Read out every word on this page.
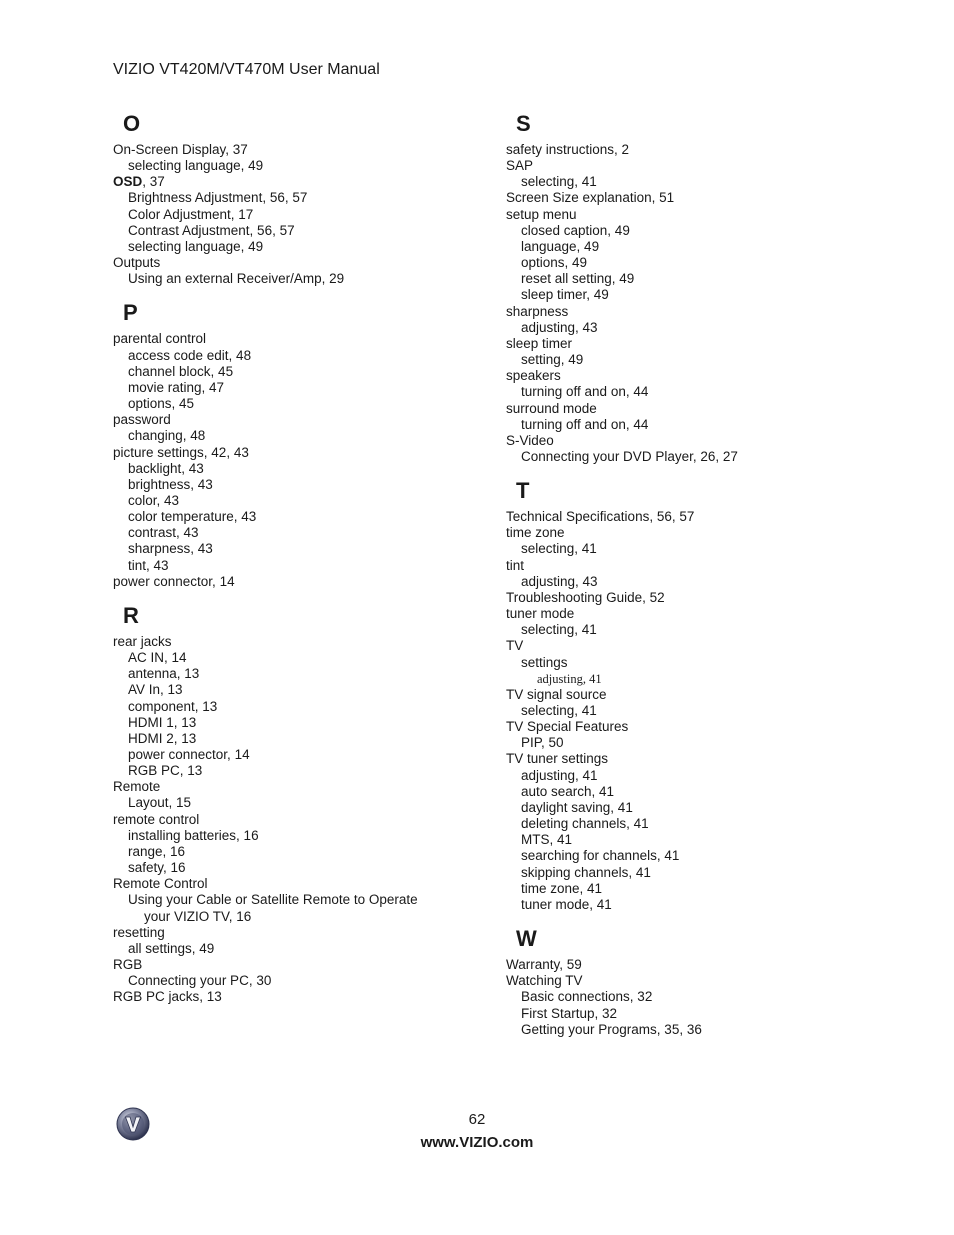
VIZIO VT420M/VT470M User Manual
O
On-Screen Display, 37
selecting language, 49
OSD, 37
Brightness Adjustment, 56, 57
Color Adjustment, 17
Contrast Adjustment, 56, 57
selecting language, 49
Outputs
Using an external Receiver/Amp, 29
P
parental control
access code edit, 48
channel block, 45
movie rating, 47
options, 45
password
changing, 48
picture settings, 42, 43
backlight, 43
brightness, 43
color, 43
color temperature, 43
contrast, 43
sharpness, 43
tint, 43
power connector, 14
R
rear jacks
AC IN, 14
antenna, 13
AV In, 13
component, 13
HDMI 1, 13
HDMI 2, 13
power connector, 14
RGB PC, 13
Remote
Layout, 15
remote control
installing batteries, 16
range, 16
safety, 16
Remote Control
Using your Cable or Satellite Remote to Operate
your VIZIO TV, 16
resetting
all settings, 49
RGB
Connecting your PC, 30
RGB PC jacks, 13
S
safety instructions, 2
SAP
selecting, 41
Screen Size explanation, 51
setup menu
closed caption, 49
language, 49
options, 49
reset all setting, 49
sleep timer, 49
sharpness
adjusting, 43
sleep timer
setting, 49
speakers
turning off and on, 44
surround mode
turning off and on, 44
S-Video
Connecting your DVD Player, 26, 27
T
Technical Specifications, 56, 57
time zone
selecting, 41
tint
adjusting, 43
Troubleshooting Guide, 52
tuner mode
selecting, 41
TV
settings
adjusting, 41
TV signal source
selecting, 41
TV Special Features
PIP, 50
TV tuner settings
adjusting, 41
auto search, 41
daylight saving, 41
deleting channels, 41
MTS, 41
searching for channels, 41
skipping channels, 41
time zone, 41
tuner mode, 41
W
Warranty, 59
Watching TV
Basic connections, 32
First Startup, 32
Getting your Programs, 35, 36
62
www.VIZIO.com
